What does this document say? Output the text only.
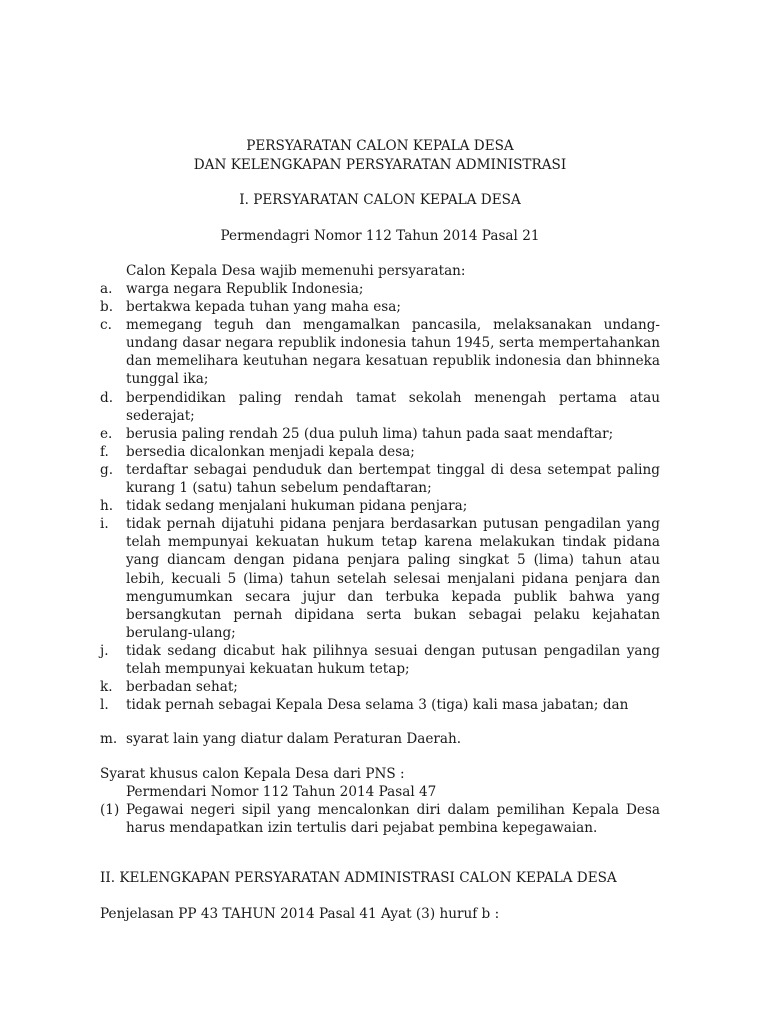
PERSYARATAN CALON KEPALA DESA
DAN KELENGKAPAN PERSYARATAN ADMINISTRASI
I. PERSYARATAN CALON KEPALA DESA
Permendagri Nomor 112 Tahun 2014 Pasal 21
Calon Kepala Desa wajib memenuhi persyaratan:
a. warga negara Republik Indonesia;
b. bertakwa kepada tuhan yang maha esa;
c.	memegang teguh dan mengamalkan pancasila, melaksanakan undang-undang dasar negara republik indonesia tahun 1945, serta mempertahankan dan memelihara keutuhan negara kesatuan republik indonesia dan bhinneka tunggal ika;
d. berpendidikan paling rendah tamat sekolah menengah pertama atau sederajat;
e.	berusia paling rendah 25 (dua puluh lima) tahun pada saat mendaftar;
f.	bersedia dicalonkan menjadi kepala desa;
g. terdaftar sebagai penduduk dan bertempat tinggal di desa setempat paling kurang 1 (satu) tahun sebelum pendaftaran;
h. tidak sedang menjalani hukuman pidana penjara;
i.	tidak pernah dijatuhi pidana penjara berdasarkan putusan pengadilan yang telah mempunyai kekuatan hukum tetap karena melakukan tindak pidana yang diancam dengan pidana penjara paling singkat 5 (lima) tahun atau lebih, kecuali 5 (lima) tahun setelah selesai menjalani pidana penjara dan mengumumkan secara jujur dan terbuka kepada publik bahwa yang bersangkutan pernah dipidana serta bukan sebagai pelaku kejahatan berulang-ulang;
j.	tidak sedang dicabut hak pilihnya sesuai dengan putusan pengadilan yang telah mempunyai kekuatan hukum tetap;
k. berbadan sehat;
l.	tidak pernah sebagai Kepala Desa selama 3 (tiga) kali masa jabatan; dan
m. syarat lain yang diatur dalam Peraturan Daerah.
Syarat khusus calon Kepala Desa dari PNS :
Permendari Nomor 112 Tahun 2014 Pasal 47
(1) Pegawai negeri sipil yang mencalonkan diri dalam pemilihan Kepala Desa harus mendapatkan izin tertulis dari pejabat pembina kepegawaian.
II. KELENGKAPAN PERSYARATAN ADMINISTRASI CALON KEPALA DESA
Penjelasan PP 43 TAHUN 2014 Pasal 41 Ayat (3) huruf b :
